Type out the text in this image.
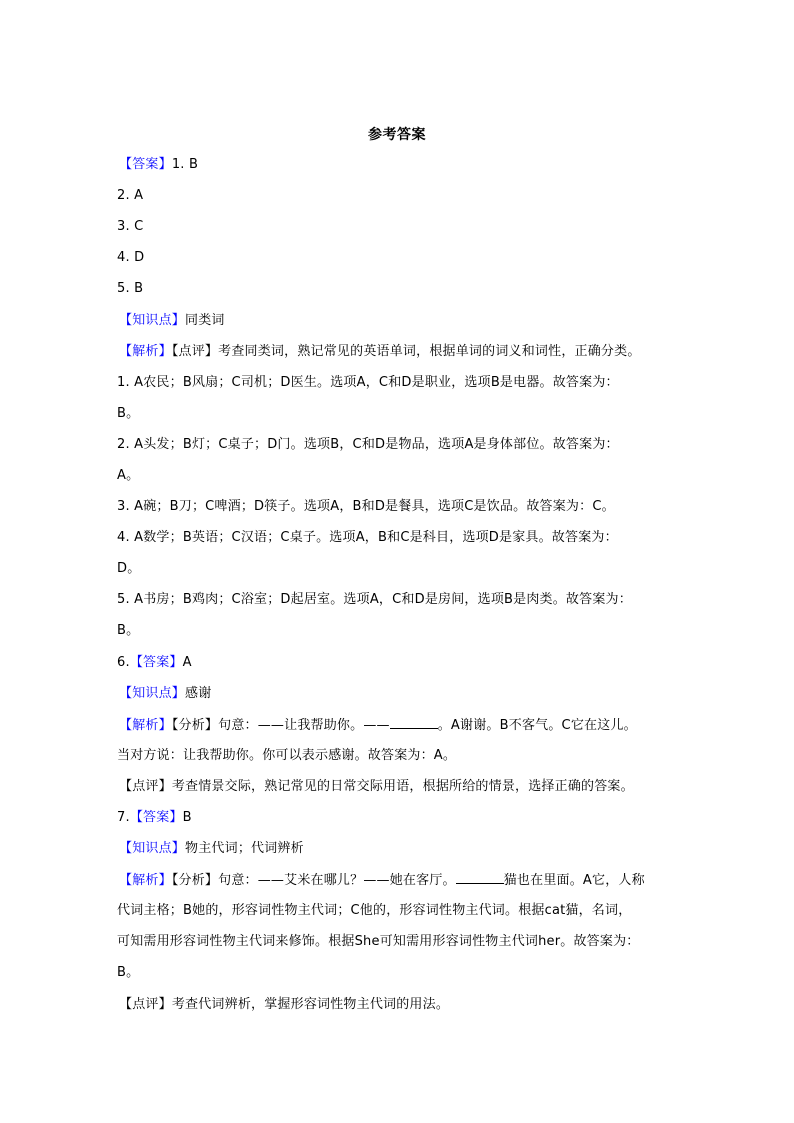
参考答案
【答案】1. B
2. A
3. C
4. D
5. B
【知识点】同类词
【解析】【点评】考查同类词，熟记常见的英语单词，根据单词的词义和词性，正确分类。
1. A农民；B风扇；C司机；D医生。选项A，C和D是职业，选项B是电器。故答案为：
B。
2. A头发；B灯；C桌子；D门。选项B，C和D是物品，选项A是身体部位。故答案为：
A。
3. A碗；B刀；C啤酒；D筷子。选项A，B和D是餐具，选项C是饮品。故答案为：C。
4. A数学；B英语；C汉语；C桌子。选项A，B和C是科目，选项D是家具。故答案为：
D。
5. A书房；B鸡肉；C浴室；D起居室。选项A，C和D是房间，选项B是肉类。故答案为：
B。
6.【答案】A
【知识点】感谢
【解析】【分析】句意：——让我帮助你。——	。A谢谢。B不客气。C它在这儿。
当对方说：让我帮助你。你可以表示感谢。故答案为：A。
【点评】考查情景交际，熟记常见的日常交际用语，根据所给的情景，选择正确的答案。
7.【答案】B
【知识点】物主代词；代词辨析
【解析】【分析】句意：——艾米在哪儿？——她在客厅。	猫也在里面。A它，人称
代词主格；B她的，形容词性物主代词；C他的，形容词性物主代词。根据cat猫，名词，
可知需用形容词性物主代词来修饰。根据She可知需用形容词性物主代词her。故答案为：
B。
【点评】考查代词辨析，掌握形容词性物主代词的用法。
